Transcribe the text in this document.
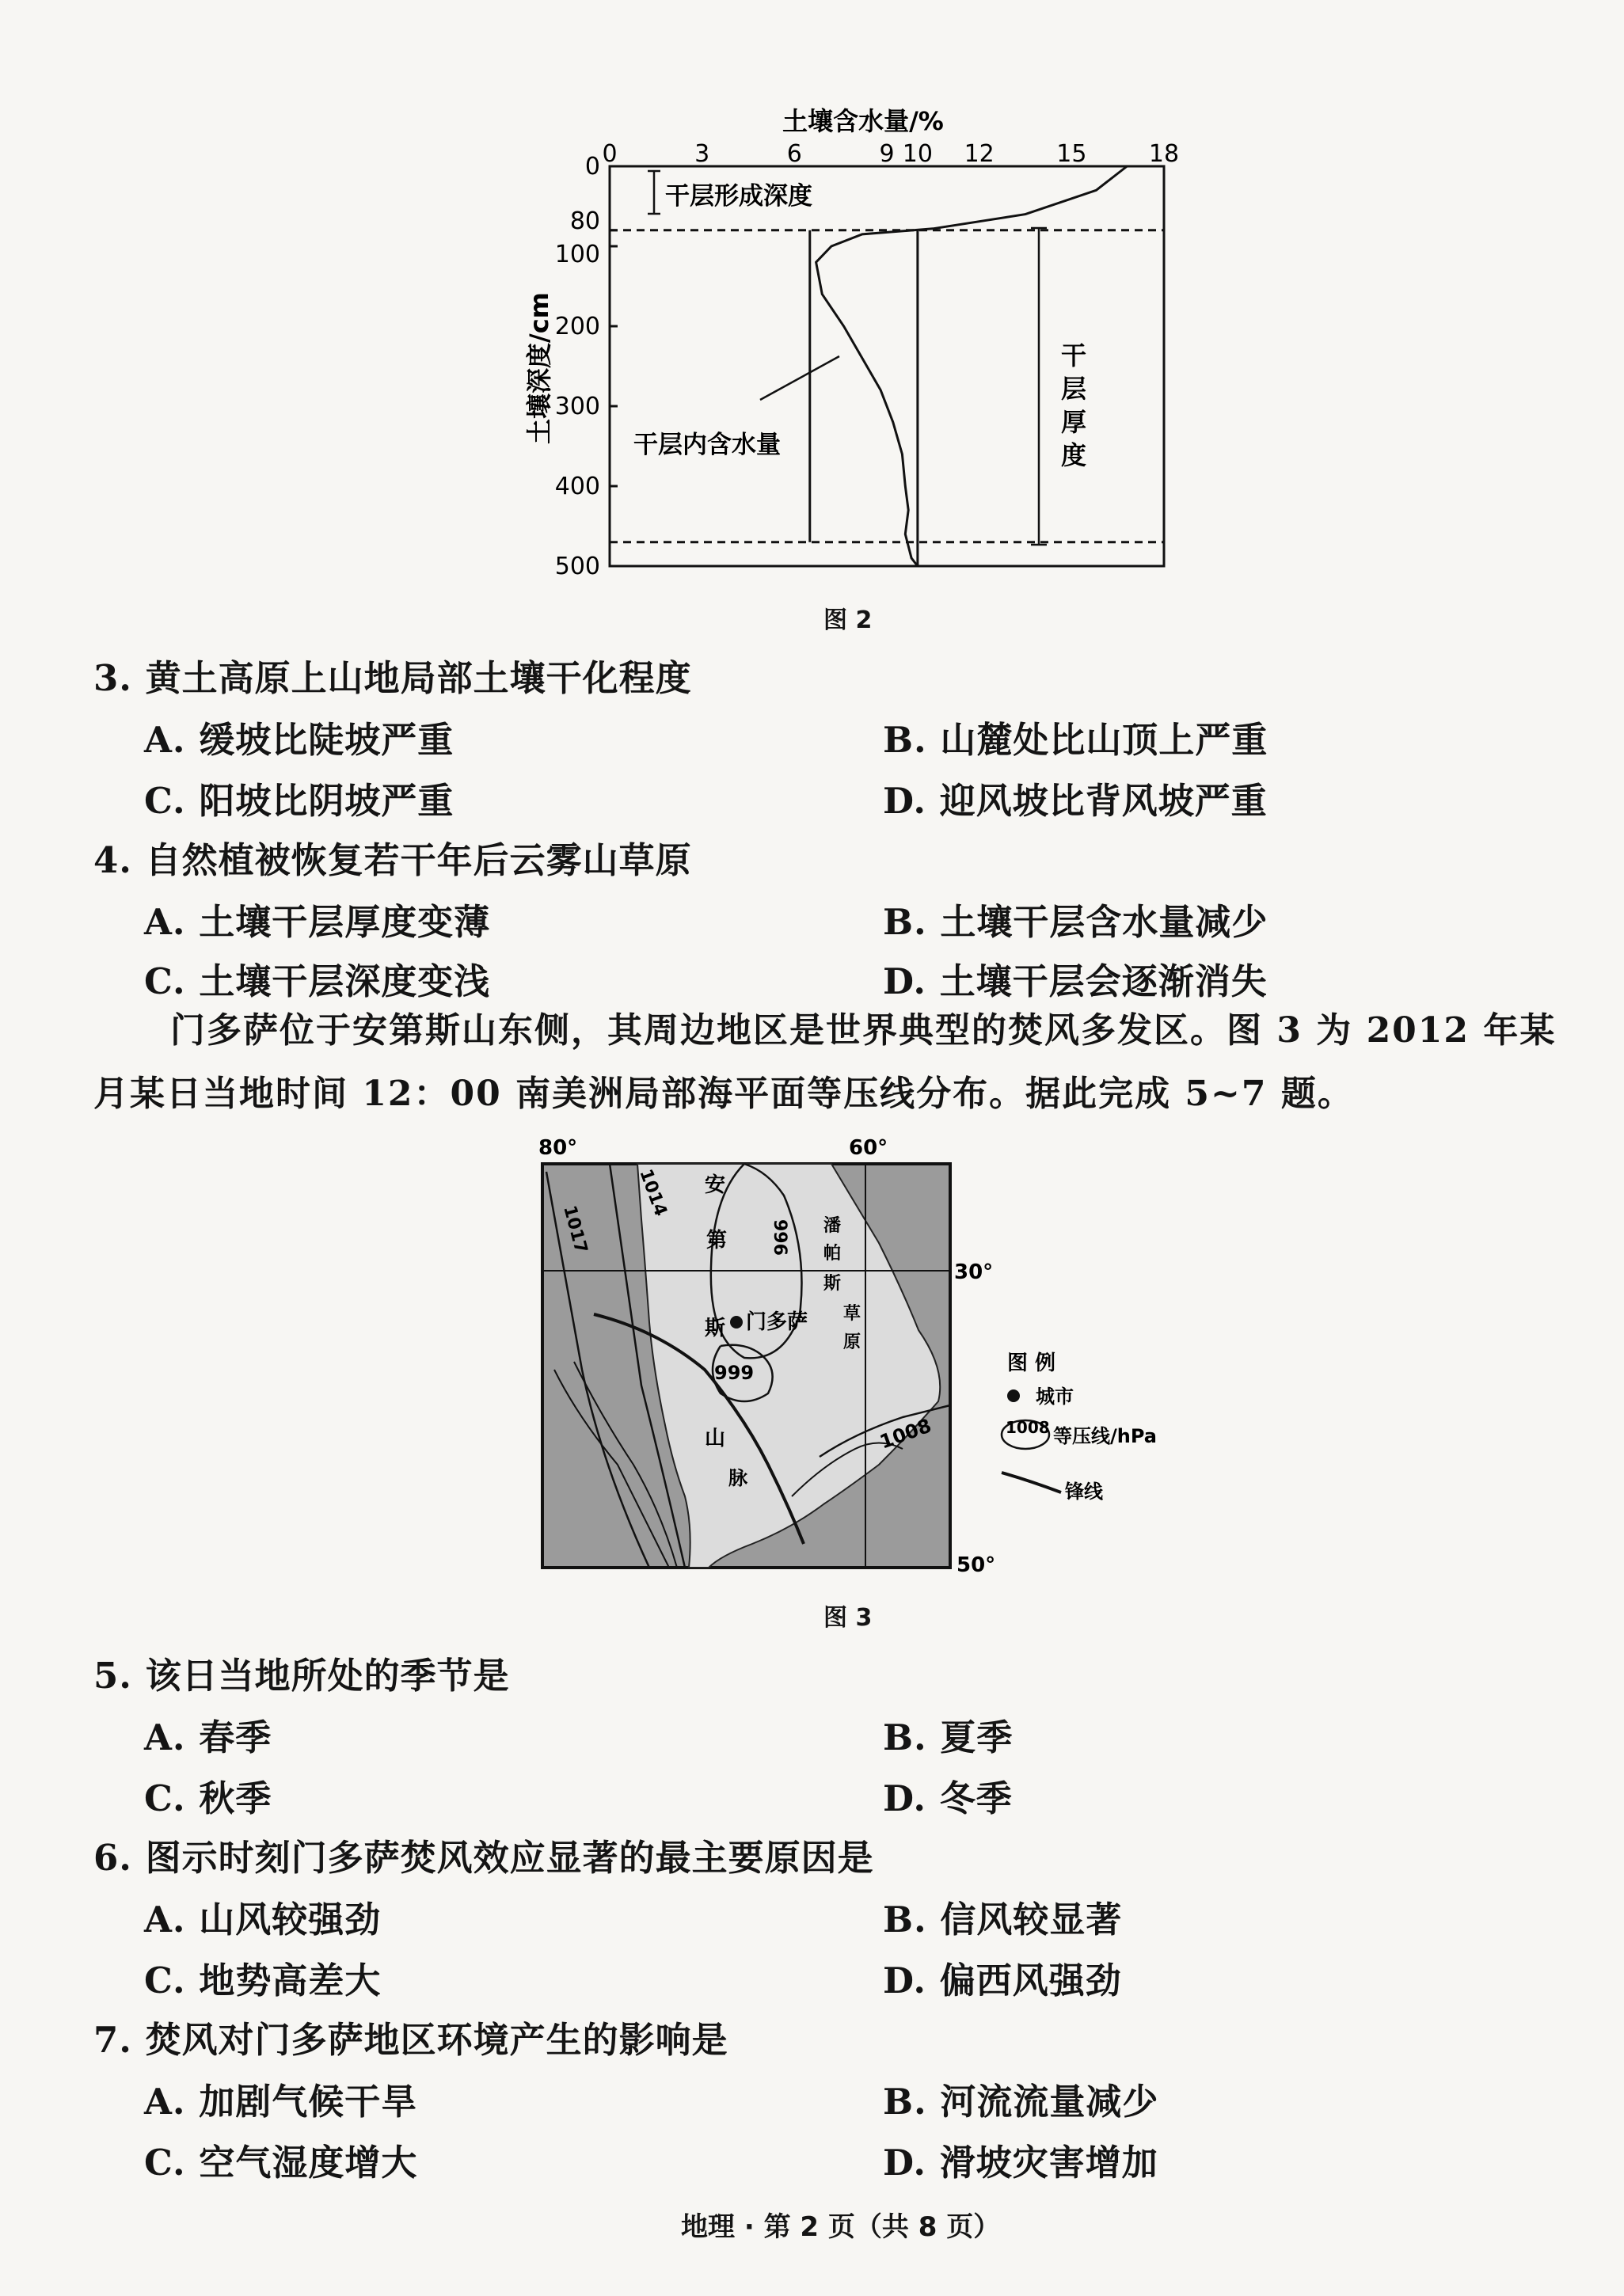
土壤含水量/%
0	3	6	9 10 12	15	18
0
80
100
200
300
400
500
土壤深度/cm
干层形成深度
干层内含水量
干
层
厚
度
图 2
3. 黄土高原上山地局部土壤干化程度
A. 缓坡比陡坡严重	B. 山麓处比山顶上严重
C. 阳坡比阴坡严重	D. 迎风坡比背风坡严重
4. 自然植被恢复若干年后云雾山草原
A. 土壤干层厚度变薄	B. 土壤干层含水量减少
C. 土壤干层深度变浅	D. 土壤干层会逐渐消失
门多萨位于安第斯山东侧，其周边地区是世界典型的焚风多发区。图 3 为 2012 年某
月某日当地时间 12：00 南美洲局部海平面等压线分布。据此完成 5~7 题。
80°	60°
30°
50°
1014
1017	996
999
1008
安
第
斯
山
门多萨
潘
帕
斯
草
原
脉
图 例
城市
1008 等压线/hPa
锋线
图 3
5. 该日当地所处的季节是
A. 春季	B. 夏季
C. 秋季	D. 冬季
6. 图示时刻门多萨焚风效应显著的最主要原因是
A. 山风较强劲	B. 信风较显著
C. 地势高差大	D. 偏西风强劲
7. 焚风对门多萨地区环境产生的影响是
A. 加剧气候干旱	B. 河流流量减少
C. 空气湿度增大	D. 滑坡灾害增加
地理 · 第 2 页（共 8 页）
